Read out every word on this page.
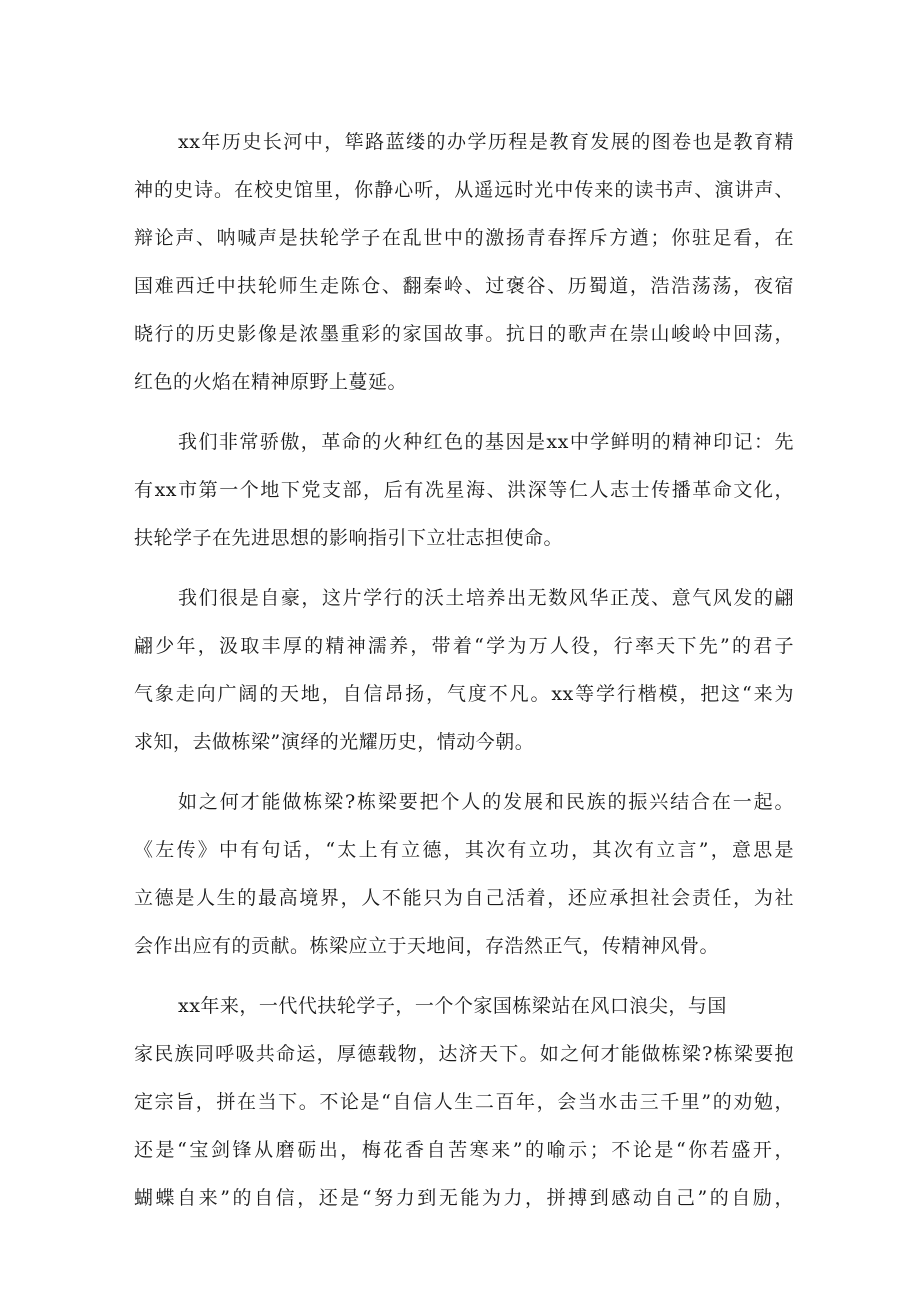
xx年历史长河中，筚路蓝缕的办学历程是教育发展的图卷也是教育精
神的史诗。在校史馆里，你静心听，从遥远时光中传来的读书声、演讲声、
辩论声、呐喊声是扶轮学子在乱世中的激扬青春挥斥方遒；你驻足看，在
国难西迁中扶轮师生走陈仓、翻秦岭、过褒谷、历蜀道，浩浩荡荡，夜宿
晓行的历史影像是浓墨重彩的家国故事。抗日的歌声在崇山峻岭中回荡，
红色的火焰在精神原野上蔓延。
我们非常骄傲，革命的火种红色的基因是xx中学鲜明的精神印记：先
有xx市第一个地下党支部，后有冼星海、洪深等仁人志士传播革命文化，
扶轮学子在先进思想的影响指引下立壮志担使命。
我们很是自豪，这片学行的沃土培养出无数风华正茂、意气风发的翩
翩少年，汲取丰厚的精神濡养，带着“学为万人役，行率天下先”的君子
气象走向广阔的天地，自信昂扬，气度不凡。xx等学行楷模，把这“来为
求知，去做栋梁”演绎的光耀历史，情动今朝。
如之何才能做栋梁?栋梁要把个人的发展和民族的振兴结合在一起。
《左传》中有句话，“太上有立德，其次有立功，其次有立言”，意思是
立德是人生的最高境界，人不能只为自己活着，还应承担社会责任，为社
会作出应有的贡献。栋梁应立于天地间，存浩然正气，传精神风骨。
xx年来，一代代扶轮学子，一个个家国栋梁站在风口浪尖，与国
家民族同呼吸共命运，厚德载物，达济天下。如之何才能做栋梁?栋梁要抱
定宗旨，拼在当下。不论是“自信人生二百年，会当水击三千里”的劝勉，
还是“宝剑锋从磨砺出，梅花香自苦寒来”的喻示；不论是“你若盛开，
蝴蝶自来”的自信，还是“努力到无能为力，拼搏到感动自己”的自励，
